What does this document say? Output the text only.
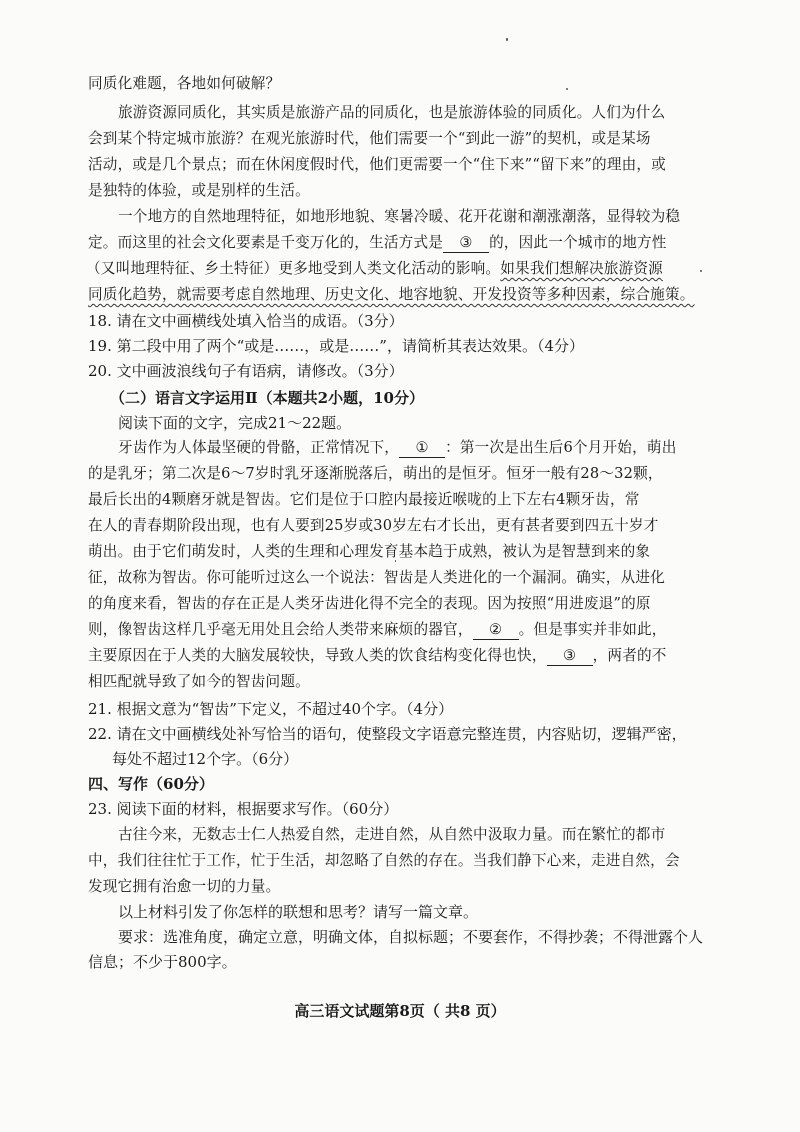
同质化难题，各地如何破解？
旅游资源同质化，其实质是旅游产品的同质化，也是旅游体验的同质化。人们为什么
会到某个特定城市旅游？在观光旅游时代，他们需要一个“到此一游”的契机，或是某场
活动，或是几个景点；而在休闲度假时代，他们更需要一个“住下来”“留下来”的理由，或
是独特的体验，或是别样的生活。
一个地方的自然地理特征，如地形地貌、寒暑冷暖、花开花谢和潮涨潮落，显得较为稳
定。而这里的社会文化要素是千变万化的，生活方式是 ③ 的，因此一个城市的地方性
（又叫地理特征、乡土特征）更多地受到人类文化活动的影响。如果我们想解决旅游资源
同质化趋势，就需要考虑自然地理、历史文化、地容地貌、开发投资等多种因素，综合施策。
18. 请在文中画横线处填入恰当的成语。（3分）
19. 第二段中用了两个“或是……，或是……”，请简析其表达效果。（4分）
20. 文中画波浪线句子有语病，请修改。（3分）
（二）语言文字运用Ⅱ（本题共2小题，10分）
阅读下面的文字，完成21～22题。
牙齿作为人体最坚硬的骨骼，正常情况下， ① ：第一次是出生后6个月开始，萌出
的是乳牙；第二次是6～7岁时乳牙逐渐脱落后，萌出的是恒牙。恒牙一般有28～32颗，
最后长出的4颗磨牙就是智齿。它们是位于口腔内最接近喉咙的上下左右4颗牙齿，常
在人的青春期阶段出现，也有人要到25岁或30岁左右才长出，更有甚者要到四五十岁才
萌出。由于它们萌发时，人类的生理和心理发育基本趋于成熟，被认为是智慧到来的象
征，故称为智齿。你可能听过这么一个说法：智齿是人类进化的一个漏洞。确实，从进化
的角度来看，智齿的存在正是人类牙齿进化得不完全的表现。因为按照“用进废退”的原
则，像智齿这样几乎毫无用处且会给人类带来麻烦的器官， ② 。但是事实并非如此，
主要原因在于人类的大脑发展较快，导致人类的饮食结构变化得也快， ③ ，两者的不
相匹配就导致了如今的智齿问题。
21. 根据文意为“智齿”下定义，不超过40个字。（4分）
22. 请在文中画横线处补写恰当的语句，使整段文字语意完整连贯，内容贴切，逻辑严密，
每处不超过12个字。（6分）
四、写作（60分）
23. 阅读下面的材料，根据要求写作。（60分）
古往今来，无数志士仁人热爱自然，走进自然，从自然中汲取力量。而在繁忙的都市
中，我们往往忙于工作，忙于生活，却忽略了自然的存在。当我们静下心来，走进自然，会
发现它拥有治愈一切的力量。
以上材料引发了你怎样的联想和思考？请写一篇文章。
要求：选准角度，确定立意，明确文体，自拟标题；不要套作，不得抄袭；不得泄露个人
信息；不少于800字。
高三语文试题第8页（ 共8 页）
